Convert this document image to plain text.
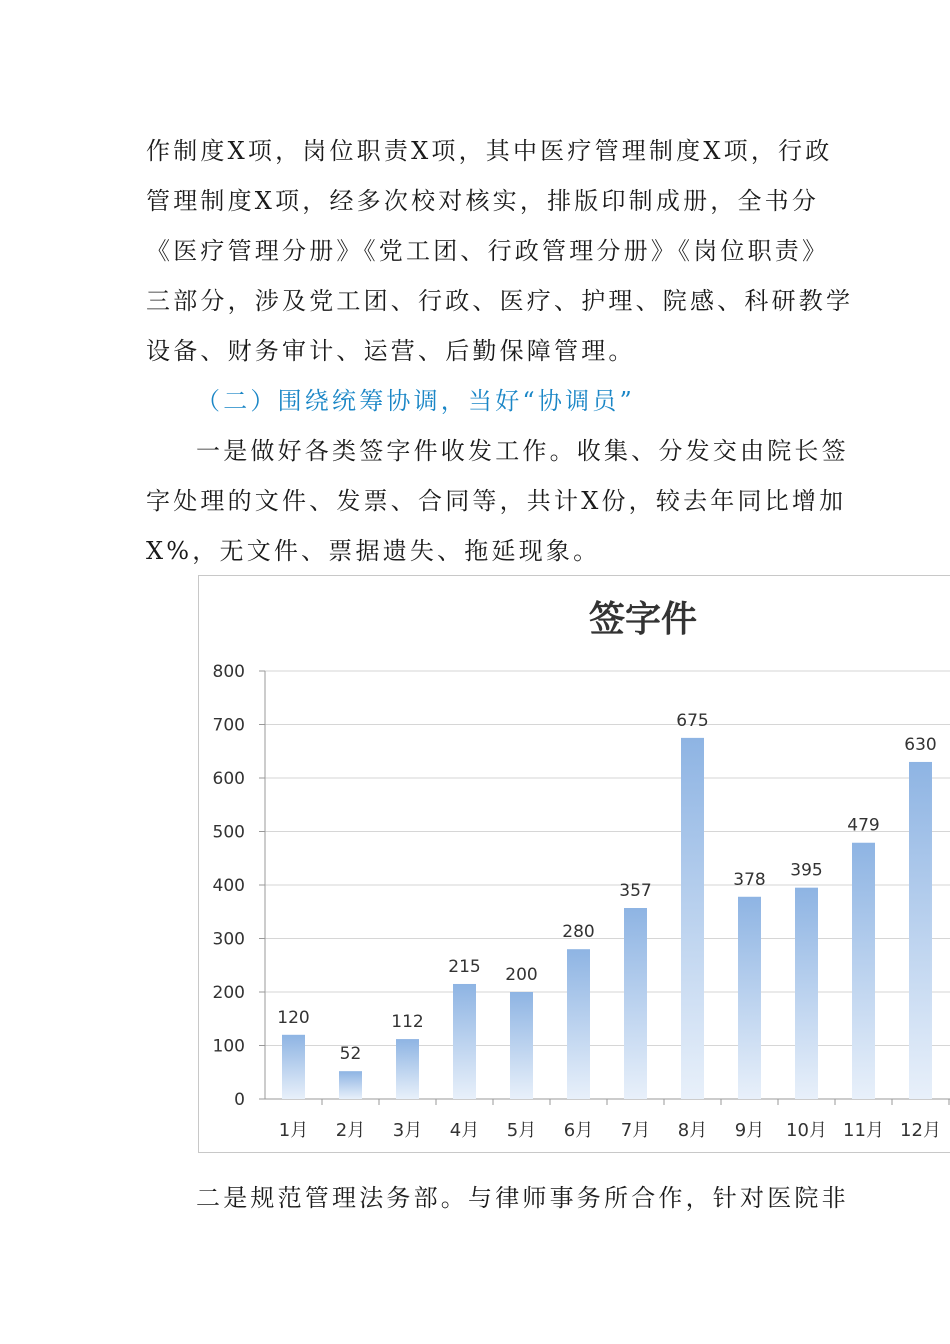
作制度X项，岗位职责X项，其中医疗管理制度X项，行政
管理制度X项，经多次校对核实，排版印制成册，全书分
《医疗管理分册》《党工团、行政管理分册》《岗位职责》
三部分，涉及党工团、行政、医疗、护理、院感、科研教学
设备、财务审计、运营、后勤保障管理。
（二）围绕统筹协调，当好“协调员”
一是做好各类签字件收发工作。收集、分发交由院长签
字处理的文件、发票、合同等，共计X份，较去年同比增加
X%，无文件、票据遗失、拖延现象。
签字件
120
52
112
215 200
280
357
675
378 395
479
630
0
100
200
300
400
500
600
700
800
1月 2月 3月 4月 5月 6月 7月 8月 9月 10月 11月 12月
二是规范管理法务部。与律师事务所合作，针对医院非
